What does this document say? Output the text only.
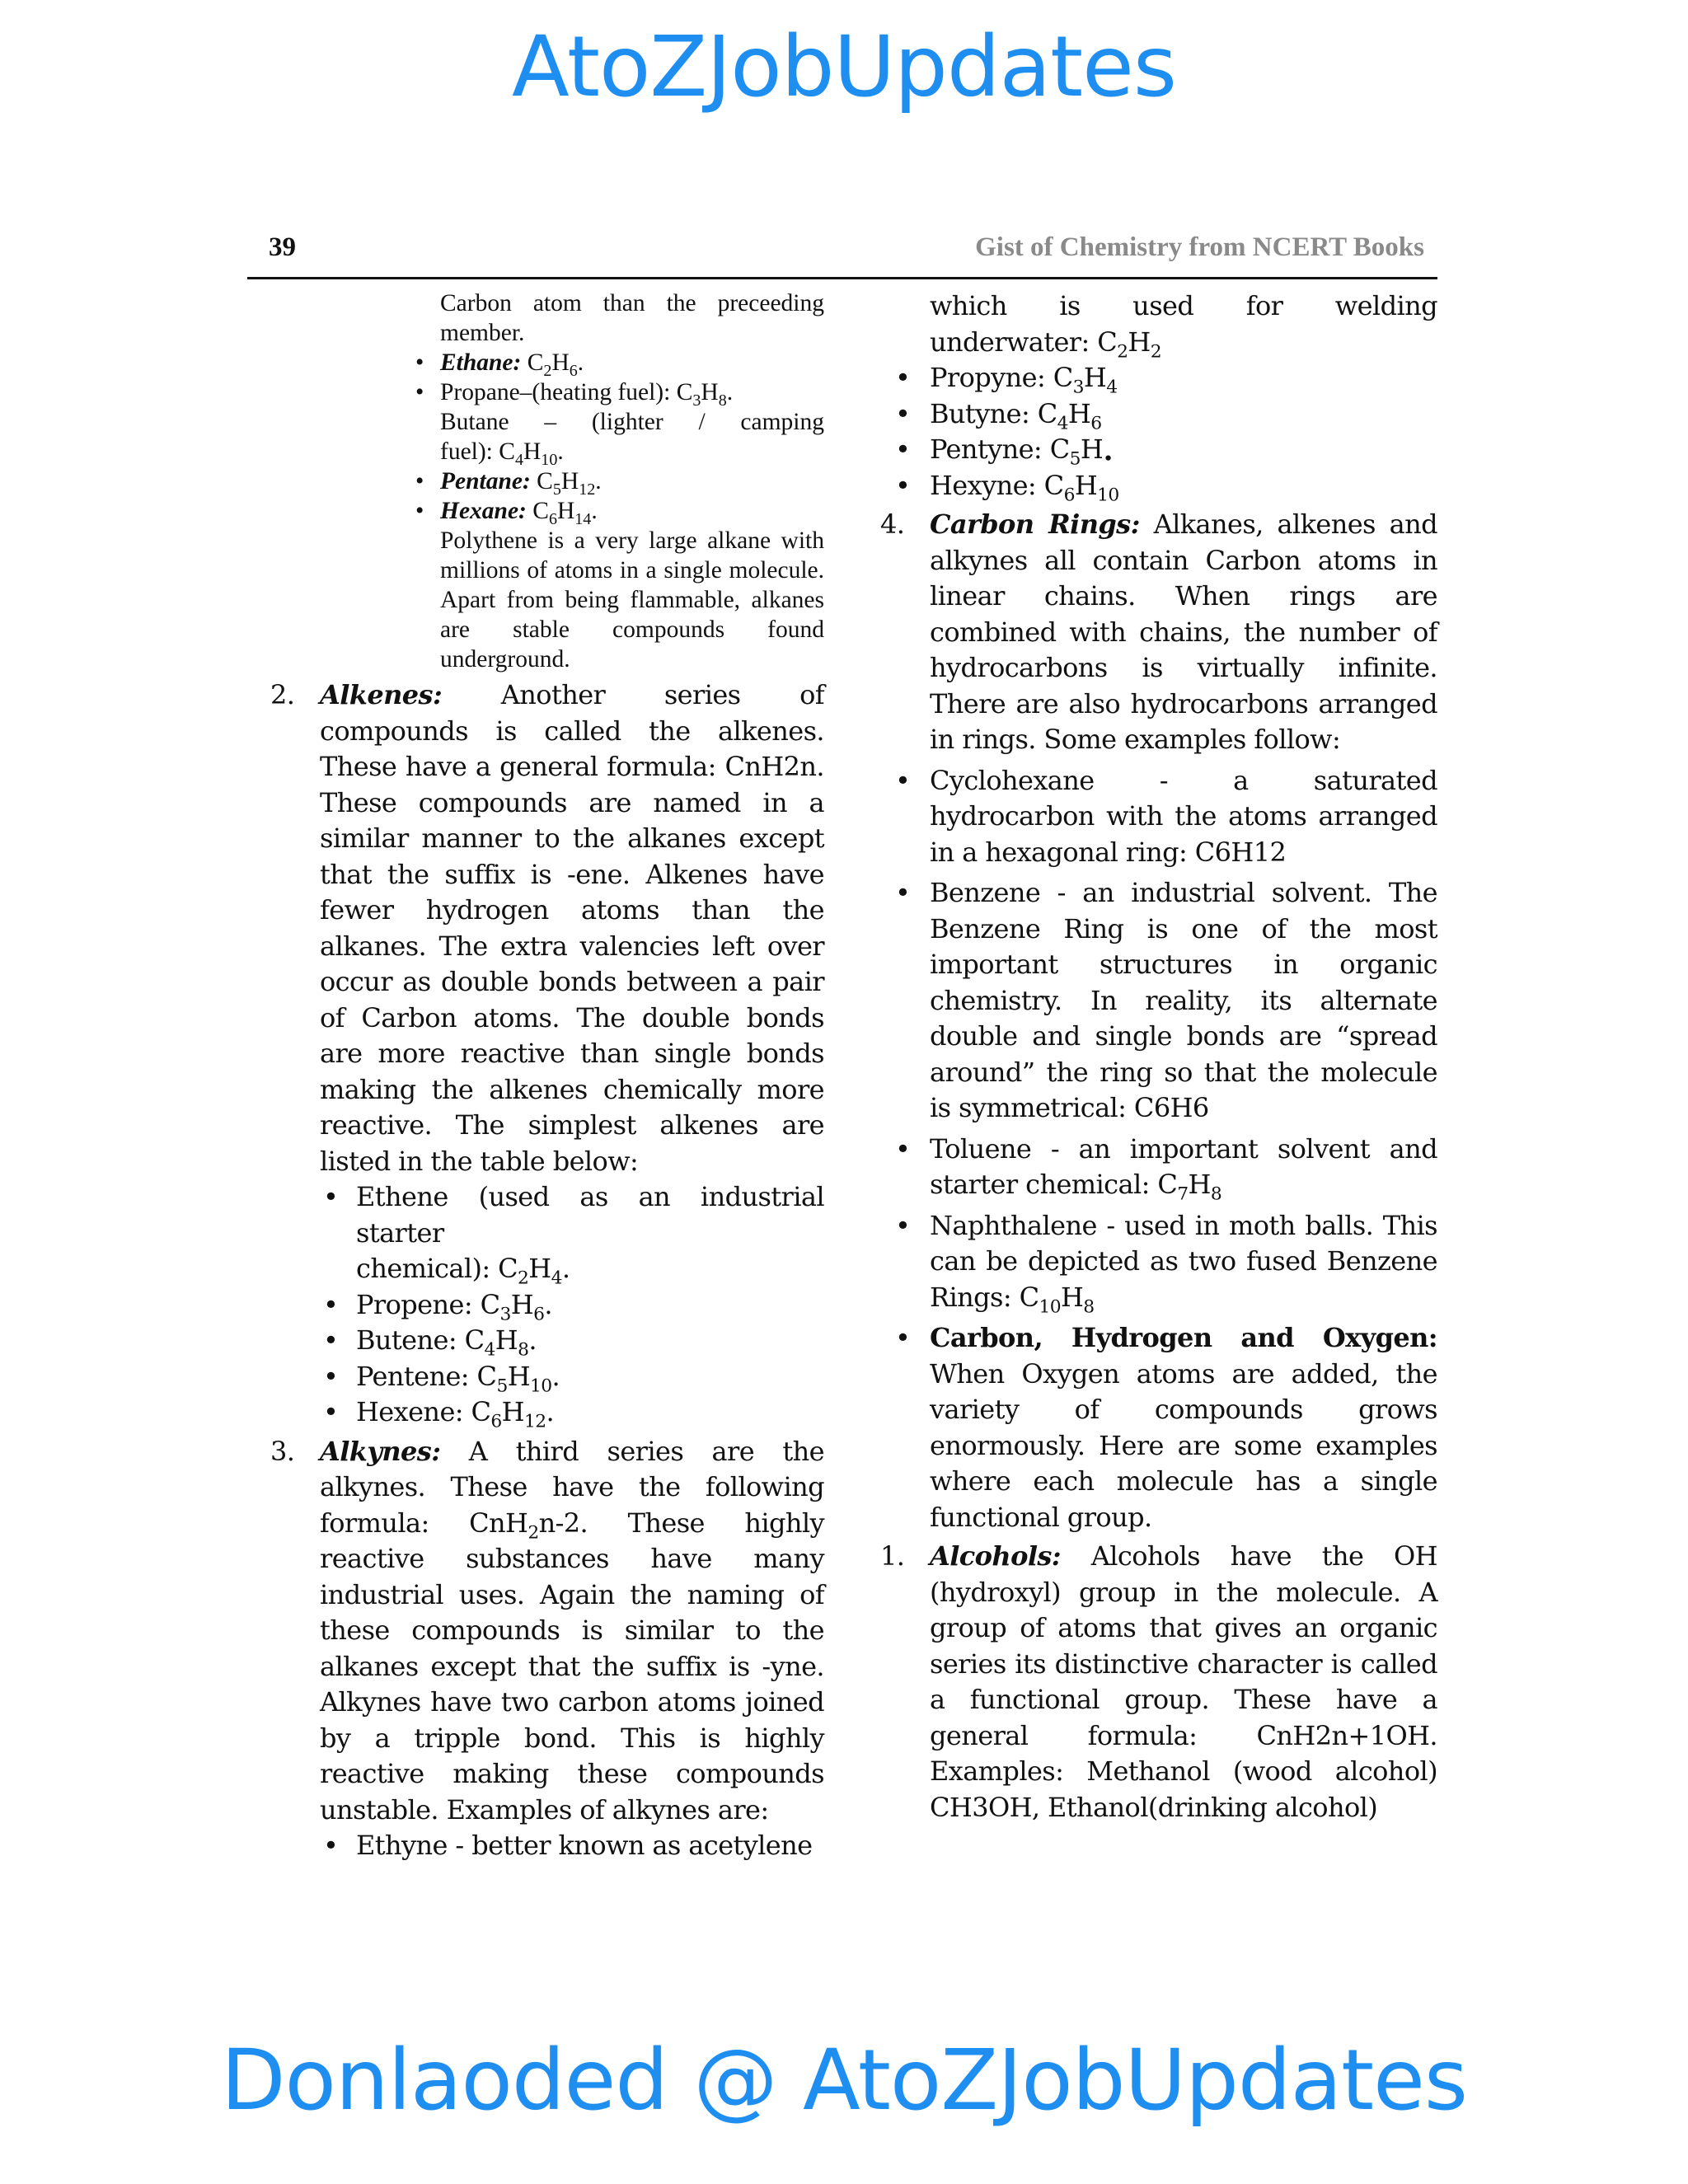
AtoZJobUpdates
39	Gist of Chemistry from NCERT Books
Carbon atom than the preceeding
member.
• Ethane: $C_2H_6$.
• Propane–(heating fuel): $C_3H_8$.
Butane – (lighter / camping
fuel): $C_4H_{10}$.
• Pentane: $C_5H_{12}$.
• Hexane: $C_6H_{14}$.
Polythene is a very large alkane with millions of atoms in a single molecule. Apart from being flammable, alkanes are stable compounds found underground.
2. Alkenes: Another series of compounds is called the alkenes. These have a general formula: CnH2n. These compounds are named in a similar manner to the alkanes except that the suffix is -ene. Alkenes have fewer hydrogen atoms than the alkanes. The extra valencies left over occur as double bonds between a pair of Carbon atoms. The double bonds are more reactive than single bonds making the alkenes chemically more reactive. The simplest alkenes are listed in the table below:
• Ethene (used as an industrial starter
chemical): $C_2H_4$.
• Propene: $C_3H_6$.
• Butene: $C_4H_8$.
• Pentene: $C_5H_{10}$.
• Hexene: $C_6H_{12}$.
3. Alkynes: A third series are the alkynes. These have the following formula: CnH$_2$n-2. These highly reactive substances have many industrial uses. Again the naming of these compounds is similar to the alkanes except that the suffix is -yne. Alkynes have two carbon atoms joined by a tripple bond. This is highly reactive making these compounds unstable. Examples of alkynes are:
• Ethyne - better known as acetylene
which is used for welding
underwater: $C_2H_2$
• Propyne: $C_3H_4$
• Butyne: $C_4H_6$
• Pentyne: $C_5H_•$
• Hexyne: $C_6H_{10}$
4. Carbon Rings: Alkanes, alkenes and alkynes all contain Carbon atoms in linear chains. When rings are combined with chains, the number of hydrocarbons is virtually infinite. There are also hydrocarbons arranged in rings. Some examples follow:
• Cyclohexane - a saturated hydrocarbon with the atoms arranged in a hexagonal ring: C6H12
• Benzene - an industrial solvent. The Benzene Ring is one of the most important structures in organic chemistry. In reality, its alternate double and single bonds are “spread around” the ring so that the molecule is symmetrical: C6H6
• Toluene - an important solvent and starter chemical: $C_7H_8$
• Naphthalene - used in moth balls. This can be depicted as two fused Benzene Rings: $C_{10}H_8$
• Carbon, Hydrogen and Oxygen: When Oxygen atoms are added, the variety of compounds grows enormously. Here are some examples where each molecule has a single functional group.
1. Alcohols: Alcohols have the OH (hydroxyl) group in the molecule. A group of atoms that gives an organic series its distinctive character is called a functional group. These have a general formula: CnH2n+1OH. Examples: Methanol (wood alcohol) CH3OH, Ethanol(drinking alcohol)
Donlaoded @ AtoZJobUpdates
